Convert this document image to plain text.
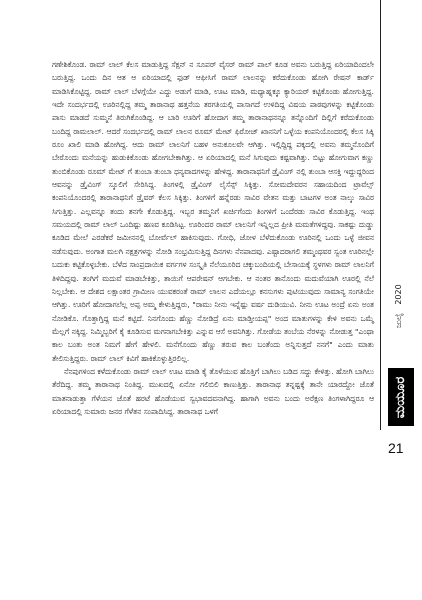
ಗಣೇಶಿಕೊಂಡ. ರಾಮ್ ಲಾಲ್ ಕೆಲಸ ಮಾಡುತ್ತಿದ್ದ ಸೆಕ್ಷನ್ ನ ಸೂಪರ್ ವೈಸರ್ ರಾಮ್ ಪಾಲ್ ಕೂಡ ಅವನು ಬರುತ್ತಿದ್ದ ಏರಿಯಾದಿಂದಲೇ ಬರುತ್ತಿದ್ದ. ಒಂದು ದಿನ ಆತ ಆ ಏರಿಯಾದಲ್ಲಿ ಫುಡ್ ಆಫೀಸಿಗೆ ರಾಮ್ ಲಾಲನನ್ನು ಕರೆದುಕೊಂಡು ಹೋಗಿ ರೇಷನ್ ಕಾರ್ಡ್ ಮಾಡಿಸಿಕೊಟ್ಟಿದ್ದ. ರಾಮ್ ಲಾಲ್ ಬೆಳಗ್ಗೆಯೇ ಎದ್ದು ಅಡುಗೆ ಮಾಡಿ, ಊಟ ಮಾಡಿ, ಮಧ್ಯಾಹ್ನಕ್ಕೂ ಕ್ಯಾರಿಯರ್ ಕಟ್ಟಿಕೊಂಡು ಹೋಗುತ್ತಿದ್ದ. ಇದೇ ಸಂದರ್ಭದಲ್ಲಿ ಊರಿನಲ್ಲಿದ್ದ ತಮ್ಮ ತಾರಾನಾಥ ಹತ್ತನೆಯ ತರಗತಿಯಲ್ಲಿ ಪಾಸಾಗದೆ ಉಳಿದಿದ್ದ ವಿಷಯ ಪಾಠವುಗಳನ್ನು ಕಟ್ಟಿಕೊಂಡು ಪಾಸು ಮಾಡದೆ ಸುಮ್ಮನೆ ತಿರುಗಿಕೊಂಡಿದ್ದ. ಆ ಬಾರಿ ಊರಿಗೆ ಹೋದಾಗ ತಮ್ಮ ತಾರಾನಾಥನನ್ನೂ ತನ್ನೊಂದಿಗೆ ದಿಲ್ಲಿಗೆ ಕರೆದುಕೊಂಡು ಬಂದಿದ್ದ ರಾಮಲಾಲ್. ಆದರೆ ಸಂದರ್ಭದಲ್ಲಿ ರಾಮ್ ಲಾಲನ ರೂಮ್ ಮೇಟ್ ಫಿರೋಜ್ ಖಾನನಿಗೆ ಒಳ್ಳೆಯ ಕಂಪನಿಯೊಂದರಲ್ಲಿ ಕೆಲಸ ಸಿಕ್ಕಿ ರೂಂ ಖಾಲಿ ಮಾಡಿ ಹೋಗಿದ್ದ. ಆದು ರಾಮ್ ಲಾಲನಿಗೆ ಬಹಳ ಅನುಕೂಲವೇ ಆಗಿತ್ತು. ಇಲ್ಲಿದ್ದಿದ್ದ ಪಕ್ಕದಲ್ಲಿ ಅವನು ತಮ್ಮನೊಂದಿಗೆ ಬೇರೊಂದು ಮನೆಯನ್ನು ಹುಡುಕಿಕೊಂಡು ಹೋಗಬೇಕಾಗಿತ್ತು. ಆ ಏರಿಯಾದಲ್ಲಿ ಮನೆ ಸಿಗುವುದು ಕಷ್ಟವಾಗಿತ್ತು. ಬಿಟ್ಟು ಹೋಗುವಾಗ ಕಣ್ಣು ತುಂಬಿಕೊಂಡು ರೂಮ್ ಮೇಟ್ ಗೆ ತುಂಬಾ ತುಂಬಾ ಧನ್ಯವಾದಗಳನ್ನು ಹೇಳಿದ್ದ. ತಾರಾನಾಥನಿಗೆ ಡ್ರೈವಿಂಗ್ ನಲ್ಲಿ ತುಂಬಾ ಆಸಕ್ತಿ ಇದ್ದುದ್ದರಿಂದ ಆವನನ್ನು ಡ್ರೈವಿಂಗ್ ಸ್ಕೂಲಿಗೆ ಸೇರಿಸಿದ್ದ. ತಿಂಗಳಲ್ಲಿ ಡ್ರೈವಿಂಗ್ ಲೈಸೆನ್ಸ್ ಸಿಕ್ಕಿತ್ತು. ಸೋಮದೇವರನ ಸಹಾಯದಿಂದ ಟ್ರಾವೆಲ್ಸ್ ಕಂಪನಿಯೊಂದರಲ್ಲಿ ತಾರಾನಾಥನಿಗೆ ಡ್ರೈವರ್ ಕೆಲಸ ಸಿಕ್ಕಿತ್ತು. ತಿಂಗಳಿಗೆ ಹನ್ನೆರಡು ಸಾವಿರ ವೇತನ ಮತ್ತು ಬಾಟಗಳ ಅಂತ ನಾಲ್ಕು ಸಾವಿರ ಸಿಗುತ್ತಿತ್ತು. ಎಲ್ಲವನ್ನೂ ತಂದು ತನಗೇ ಕೊಡುತ್ತಿದ್ದ. ಇಬ್ಬರ ತಮ್ಮನಿಗೆ ಖರ್ಚಿಗೆಂದು ತಿಂಗಳಿಗೆ ಒಂದೆರಡು ಸಾವಿರ ಕೊಡುತ್ತಿದ್ದ. ಇಂಥ ಸಮಯದಲ್ಲಿ ರಾಮ್ ಲಾಲ್ ಒಂದಿಷ್ಟು ಹಣವ ಕೂಡಿಸಿಟ್ಟ. ಊರಿಂದರ ರಾಮ್ ಲಾಲನಿಗೆ ಇನ್ನಿಲ್ಲದ ಪ್ರೀತಿ ಮಮತೆಗಳಿದ್ದವು. ಸಾಕಷ್ಟು ದುಡ್ಡು ಕೂಡಿದ ಮೇಲೆ ಎರಡೆಕರೆ ಜಮೀನನಲ್ಲಿ ಬೋರ್ವೆಲ್ ಹಾಕಿಸುವುದು. ಗೋಧಿ, ಜೋಳ ಬೆಳೆದುಕೊಂಡು ಊರಿನಲ್ಲಿ ಒಂದು ಒಳ್ಳೆ ಜೀವನ ನಡೆಸುವುದು. ಅಂಗಾತ ಮಲಗಿ ನಕ್ಷತ್ರಗಳನ್ನು ನೋಡಿ ಸಂಭ್ರಮಿಸುತ್ತಿದ್ದ ದಿನಗಳು ನೆನಪಾದವು. ಎಷ್ಟಾದರಾಗಲಿ ತಮ್ಮಂಥವರ ಸ್ವಂತ ಊರಿನಲ್ಲೇ ಬದುಕು ಕಟ್ಟಿಕೊಳ್ಳಬೇಕು. ಬೆಳೆದ ಸಾಂಪ್ರದಾಯಿಕ ವರ್ಗಗಳ ಸಂಸ್ಕೃತಿ ನೆಲೆಯೂರಿದ ಚಕ್ಕುಬಂದಿಯಲ್ಲಿ ಬೇಸಾಯಕ್ಕೆ ಸ್ಥಳಗಳು ರಾಮ್ ಲಾಲನಿಗೆ ತಿಳಿದಿದ್ದವು. ತಂಗಿಗೆ ಮದುವೆ ಮಾಡಬೇಕಿತ್ತು, ತಾಯಿಗೆ ಆಪರೇಷನ್ ಆಗಬೇಕು. ಆ ನಂತರ ತಾನೊಂದು ಮದುವೆಯಾಗಿ ಊರಲ್ಲಿ ನೆಲೆ ನಿಲ್ಲಬೇಕು. ಆ ದೇಶದ ಲಕ್ಷಾಂತರ ಗ್ರಾಮೀಣ ಯುವಕರಂತೆ ರಾಮ್ ಲಾಲನ ಎದೆಯಲ್ಲೂ ಕನಸುಗಳು ಪುಟಿಯುವುದು ಸಾಮಾನ್ಯ ಸಂಗತಿಯೇ ಆಗಿತ್ತು. ಊರಿಗೆ ಹೋದಾಗಲೆಲ್ಲ ಅಪ್ಪ ಅಮ್ಮ ಕೇಳುತ್ತಿದ್ದರು, "ರಾಮು ನೀನು ಇನ್ನೆಷ್ಟು ವರ್ಷ ದುಡಿಯುವಿ. ನೀನು ಊಟ ಅಂದ್ರೆ ಏನು ಅಂತ ನೋಡಿಕೊ. ಗೊತ್ತಾಗ್ತಿದ್ದ ಮನೆ ಕಟ್ಟಿದೆ. ನಿನಗೊಂದು ಹೆಣ್ಣು ನೋಡಿದ್ರೆ ಏನು ಮಾಡ್ತೀಯಪ್ಪ" ಅಂದ ಮಾತುಗಳನ್ನು ಕೇಳಿ ಅವನು ಒಮ್ಮೆ ಮೆಲ್ಲಗೆ ನಕ್ಕಿದ್ದ. ನಿಮ್ಮಿಬ್ಬರಿಗೆ ಕೈ ಕೂಡಿಸುವ ಮಗನಾಗಬೇಕಿತ್ತು ಎನ್ನುವ ಆಸೆ ಅವನಿಗಿತ್ತು. ಗೋಡೆಯ ತಂಬೆಯ ನೆರಳನ್ನು ನೋಡುತ್ತ "ಎಂಥಾ ಕಾಲ ಬಂತು ಅಂತ ನಿಮಗೆ ಹೇಗೆ ಹೇಳಲಿ. ಮನೆಗೊಂದು ಹೆಣ್ಣು ತರುವ ಕಾಲ ಬಂತೆಂದು ಅನ್ನಿಸುತ್ತದೆ ನನಗೆ" ಎಂದು ಮಾತು ತೇಲಿಸುತ್ತಿದ್ದರು. ರಾಮ್ ಲಾಲ್ ಕಿವಿಗೆ ಹಾಕಿಕೊಳ್ಳುತ್ತಿರಲಿಲ್ಲ.

ನೆನಪುಗಳಿಂದ ಕಳೆದುಕೊಂಡು ರಾಮ್ ಲಾಲ್ ಊಟ ಮಾಡಿ ಕೈ ತೊಳೆಯುವ ಹೊತ್ತಿಗೆ ಬಾಗಿಲು ಬಡಿದ ಸದ್ದು ಕೇಳಿತ್ತು. ಹೋಗಿ ಬಾಗಿಲು ತೆರೆದಿದ್ದ. ತಮ್ಮ ತಾರಾನಾಥ ನಿಂತಿದ್ದ. ಮುಖದಲ್ಲಿ ಏನೋ ಗಲಿಬಿಲಿ ಕಾಣುತ್ತಿತ್ತು. ತಾರಾನಾಥ ತನ್ನಷ್ಟಕ್ಕೆ ತಾನೇ ಯಾರದ್ದೋ ಜೊತೆ ಮಾತನಾಡುತ್ತಾ ಗೆಳೆಯನ ಜೊತೆ ಹರಟೆ ಹೊಡೆಯುವ ಸ್ವಭಾವದವನಾಗಿದ್ದ. ಹಾಗಾಗಿ ಅವನು ಬಂದು ಅರೆಕ್ಷಣ ತಿಂಗಳಾಗಿದ್ದರೂ ಆ ಏರಿಯಾದಲ್ಲಿ ಸುಮಾರು ಜನರ ಗೆಳೆತನ ಸಂಪಾದಿಸಿದ್ದ. ತಾರಾನಾಥ ಒಳಗೆ

ಜುಲೈ 2020
ಮಯೂರ
21
